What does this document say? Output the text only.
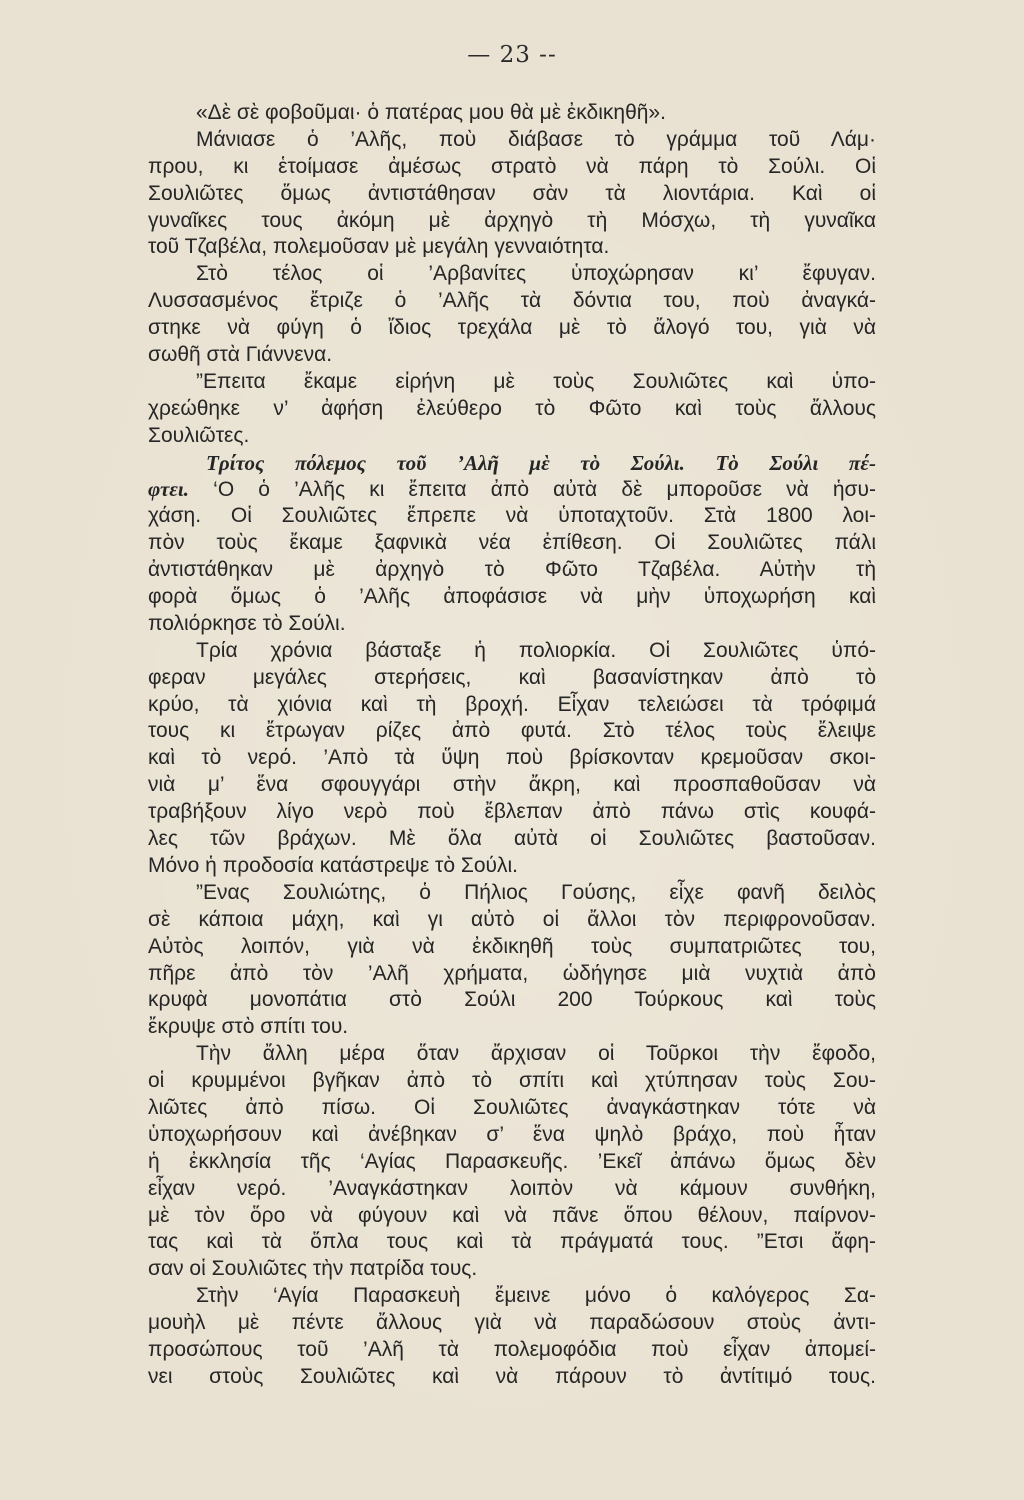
— 23 --
«Δὲ σὲ φοβοῦμαι· ὁ πατέρας μου θὰ μὲ ἐκδικηθῆ».
Μάνιασε ὁ ’Αλῆς, ποὺ διάβασε τὸ γράμμα τοῦ Λάμ·
πρου, κι ἑτοίμασε ἀμέσως στρατὸ νὰ πάρη τὸ Σούλι. Οἱ
Σουλιῶτες ὅμως ἀντιστάθησαν σὰν τὰ λιοντάρια. Καὶ οἱ
γυναῖκες τους ἀκόμη μὲ ἀρχηγὸ τὴ Μόσχω, τὴ γυναῖκα
τοῦ Τζαβέλα, πολεμοῦσαν μὲ μεγάλη γενναιότητα.
Στὸ τέλος οἱ ’Αρβανίτες ὑποχώρησαν κι’ ἔφυγαν.
Λυσσασμένος ἔτριζε ὁ ’Αλῆς τὰ δόντια του, ποὺ ἀναγκά-
στηκε νὰ φύγη ὁ ἴδιος τρεχάλα μὲ τὸ ἄλογό του, γιὰ νὰ
σωθῆ στὰ Γιάννενα.
”Επειτα ἔκαμε εἰρήνη μὲ τοὺς Σουλιῶτες καὶ ὑπο-
χρεώθηκε ν’ ἀφήση ἐλεύθερο τὸ Φῶτο καὶ τοὺς ἄλλους
Σουλιῶτες.
Τρίτος πόλεμος τοῦ ’Αλῆ μὲ τὸ Σούλι. Τὸ Σούλι πέ-
φτει. ‘Ο ὁ ’Αλῆς κι ἔπειτα ἀπὸ αὐτὰ δὲ μποροῦσε νὰ ἡσυ-
χάση. Οἱ Σουλιῶτες ἔπρεπε νὰ ὑποταχτοῦν. Στὰ 1800 λοι-
πὸν τοὺς ἔκαμε ξαφνικὰ νέα ἐπίθεση. Οἱ Σουλιῶτες πάλι
ἀντιστάθηκαν μὲ ἀρχηγὸ τὸ Φῶτο Τζαβέλα. Αὐτὴν τὴ
φορὰ ὅμως ὁ ’Αλῆς ἀποφάσισε νὰ μὴν ὑποχωρήση καὶ
πολιόρκησε τὸ Σούλι.
Τρία χρόνια βάσταξε ἡ πολιορκία. Οἱ Σουλιῶτες ὑπό-
φεραν μεγάλες στερήσεις, καὶ βασανίστηκαν ἀπὸ τὸ
κρύο, τὰ χιόνια καὶ τὴ βροχή. Εἶχαν τελειώσει τὰ τρόφιμά
τους κι ἔτρωγαν ρίζες ἀπὸ φυτά. Στὸ τέλος τοὺς ἔλειψε
καὶ τὸ νερό. ’Απὸ τὰ ὕψη ποὺ βρίσκονταν κρεμοῦσαν σκοι-
νιὰ μ’ ἕνα σφουγγάρι στὴν ἄκρη, καὶ προσπαθοῦσαν νὰ
τραβήξουν λίγο νερὸ ποὺ ἔβλεπαν ἀπὸ πάνω στὶς κουφά-
λες τῶν βράχων. Μὲ ὅλα αὐτὰ οἱ Σουλιῶτες βαστοῦσαν.
Μόνο ἡ προδοσία κατάστρεψε τὸ Σούλι.
”Ενας Σουλιώτης, ὁ Πήλιος Γούσης, εἶχε φανῆ δειλὸς
σὲ κάποια μάχη, καὶ γι αὐτὸ οἱ ἄλλοι τὸν περιφρονοῦσαν.
Αὐτὸς λοιπόν, γιὰ νὰ ἐκδικηθῆ τοὺς συμπατριῶτες του,
πῆρε ἀπὸ τὸν ’Αλῆ χρήματα, ὡδήγησε μιὰ νυχτιὰ ἀπὸ
κρυφὰ μονοπάτια στὸ Σούλι 200 Τούρκους καὶ τοὺς
ἔκρυψε στὸ σπίτι του.
Τὴν ἄλλη μέρα ὅταν ἄρχισαν οἱ Τοῦρκοι τὴν ἔφοδο,
οἱ κρυμμένοι βγῆκαν ἀπὸ τὸ σπίτι καὶ χτύπησαν τοὺς Σου-
λιῶτες ἀπὸ πίσω. Οἱ Σουλιῶτες ἀναγκάστηκαν τότε νὰ
ὑποχωρήσουν καὶ ἀνέβηκαν σ’ ἕνα ψηλὸ βράχο, ποὺ ἦταν
ἡ ἐκκλησία τῆς ‘Αγίας Παρασκευῆς. ’Εκεῖ ἀπάνω ὅμως δὲν
εἶχαν νερό. ’Αναγκάστηκαν λοιπὸν νὰ κάμουν συνθήκη,
μὲ τὸν ὅρο νὰ φύγουν καὶ νὰ πᾶνε ὅπου θέλουν, παίρνον-
τας καὶ τὰ ὅπλα τους καὶ τὰ πράγματά τους. ”Ετσι ἄφη-
σαν οἱ Σουλιῶτες τὴν πατρίδα τους.
Στὴν ‘Αγία Παρασκευὴ ἔμεινε μόνο ὁ καλόγερος Σα-
μουὴλ μὲ πέντε ἄλλους γιὰ νὰ παραδώσουν στοὺς ἀντι-
προσώπους τοῦ ’Αλῆ τὰ πολεμοφόδια ποὺ εἶχαν ἀπομεί-
νει στοὺς Σουλιῶτες καὶ νὰ πάρουν τὸ ἀντίτιμό τους.
